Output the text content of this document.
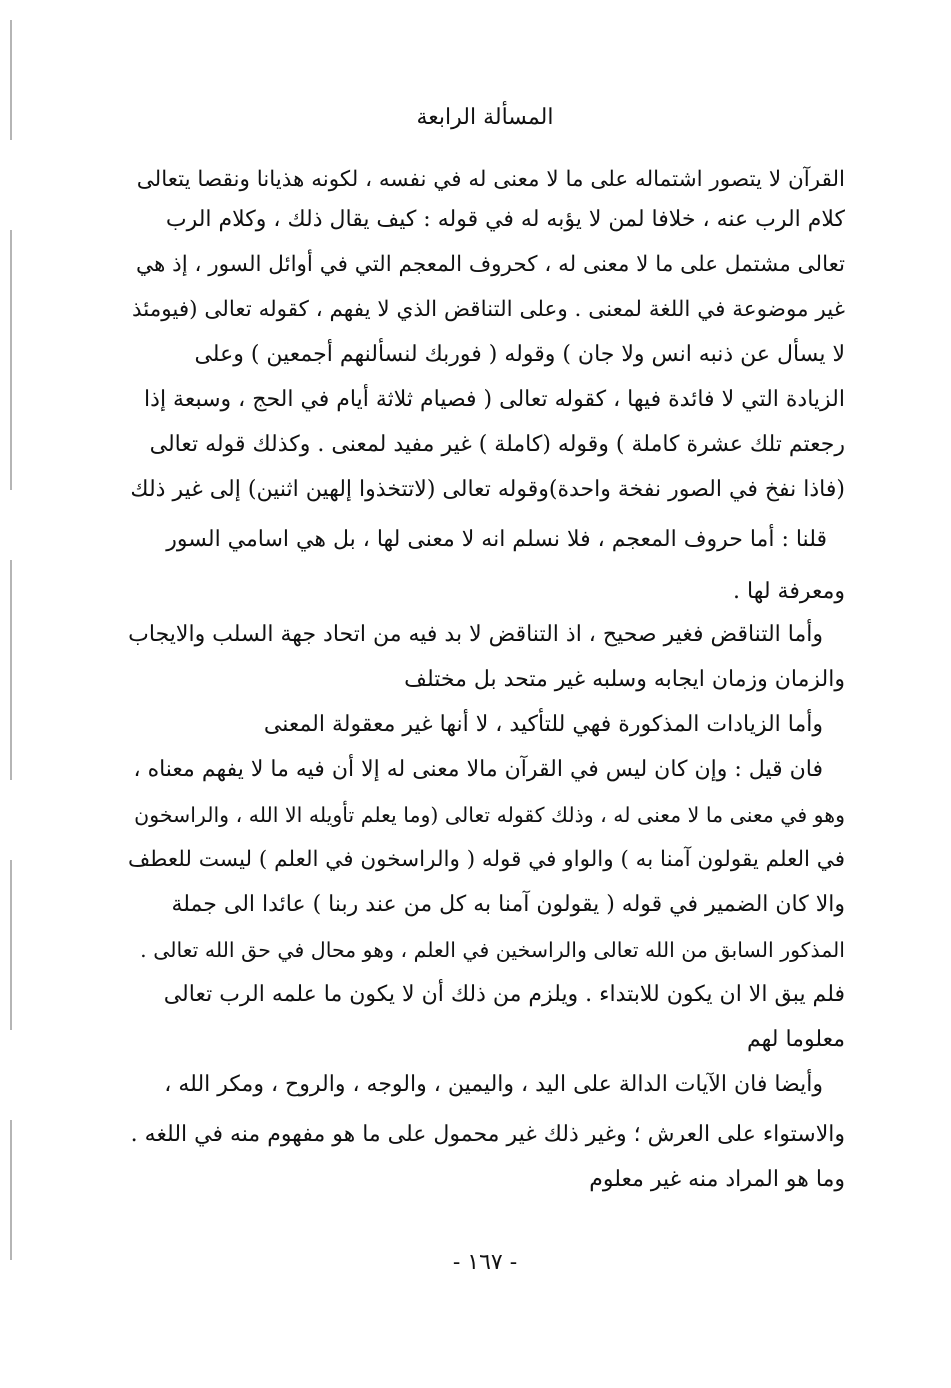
المسألة الرابعة
القرآن لا يتصور اشتماله على ما لا معنى له في نفسه ، لكونه هذيانا ونقصا يتعالى
كلام الرب عنه ، خلافا لمن لا يؤبه له في قوله : كيف يقال ذلك ، وكلام الرب
تعالى مشتمل على ما لا معنى له ، كحروف المعجم التي في أوائل السور ، إذ هي
غير موضوعة في اللغة لمعنى . وعلى التناقض الذي لا يفهم ، كقوله تعالى (فيومئذ
لا يسأل عن ذنبه انس ولا جان ) وقوله ( فوربك لنسألنهم أجمعين ) وعلى
الزيادة التي لا فائدة فيها ، كقوله تعالى ( فصيام ثلاثة أيام في الحج ، وسبعة إذا
رجعتم تلك عشرة كاملة ) وقوله (كاملة ) غير مفيد لمعنى . وكذلك قوله تعالى
(فاذا نفخ في الصور نفخة واحدة)وقوله تعالى (لاتتخذوا إلهين اثنين) إلى غير ذلك
قلنا : أما حروف المعجم ، فلا نسلم انه لا معنى لها ، بل هي اسامي السور
ومعرفة لها .
وأما التناقض فغير صحيح ، اذ التناقض لا بد فيه من اتحاد جهة السلب والايجاب
والزمان وزمان ايجابه وسلبه غير متحد بل مختلف
وأما الزيادات المذكورة فهي للتأكيد ، لا أنها غير معقولة المعنى
فان قيل : وإن كان ليس في القرآن مالا معنى له إلا أن فيه ما لا يفهم معناه ،
وهو في معنى ما لا معنى له ، وذلك كقوله تعالى (وما يعلم تأويله الا الله ، والراسخون
في العلم يقولون آمنا به ) والواو في قوله ( والراسخون في العلم ) ليست للعطف
والا كان الضمير في قوله ( يقولون آمنا به كل من عند ربنا ) عائدا الى جملة
المذكور السابق من الله تعالى والراسخين في العلم ، وهو محال في حق الله تعالى .
فلم يبق الا ان يكون للابتداء . ويلزم من ذلك أن لا يكون ما علمه الرب تعالى
معلوما لهم
وأيضا فان الآيات الدالة على اليد ، واليمين ، والوجه ، والروح ، ومكر الله ،
والاستواء على العرش ؛ وغير ذلك غير محمول على ما هو مفهوم منه في اللغه .
وما هو المراد منه غير معلوم
- ١٦٧ -
